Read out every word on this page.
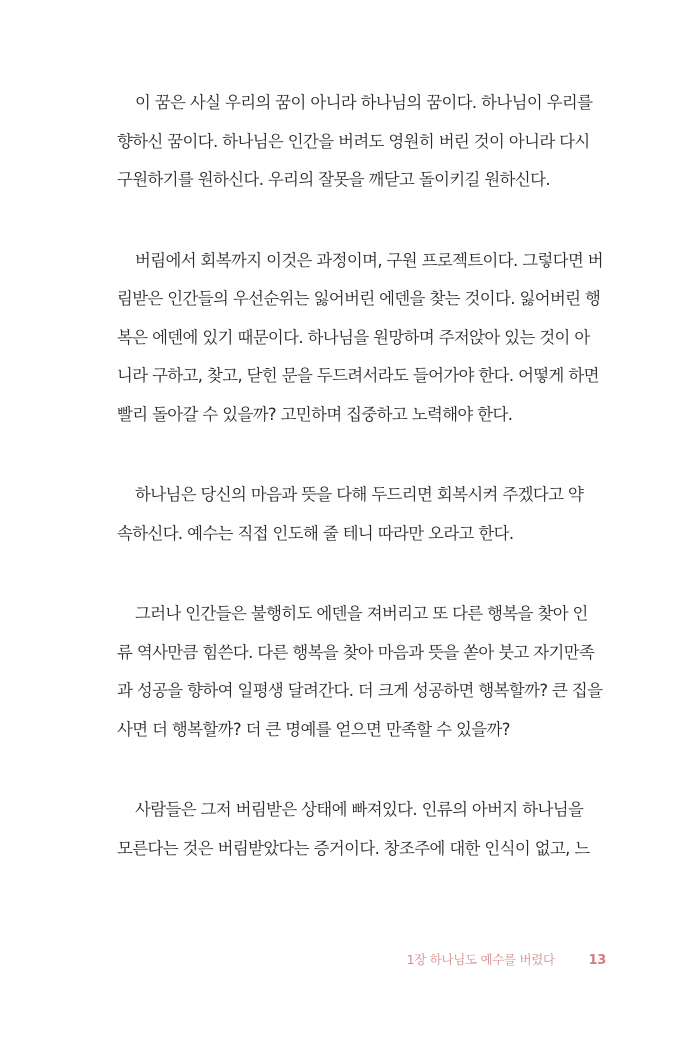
이 꿈은 사실 우리의 꿈이 아니라 하나님의 꿈이다. 하나님이 우리를
향하신 꿈이다. 하나님은 인간을 버려도 영원히 버린 것이 아니라 다시
구원하기를 원하신다. 우리의 잘못을 깨닫고 돌이키길 원하신다.

버림에서 회복까지 이것은 과정이며, 구원 프로젝트이다. 그렇다면 버
림받은 인간들의 우선순위는 잃어버린 에덴을 찾는 것이다. 잃어버린 행
복은 에덴에 있기 때문이다. 하나님을 원망하며 주저앉아 있는 것이 아
니라 구하고, 찾고, 닫힌 문을 두드려서라도 들어가야 한다. 어떻게 하면
빨리 돌아갈 수 있을까? 고민하며 집중하고 노력해야 한다.

하나님은 당신의 마음과 뜻을 다해 두드리면 회복시켜 주겠다고 약
속하신다. 예수는 직접 인도해 줄 테니 따라만 오라고 한다.

그러나 인간들은 불행히도 에덴을 져버리고 또 다른 행복을 찾아 인
류 역사만큼 힘쓴다. 다른 행복을 찾아 마음과 뜻을 쏟아 붓고 자기만족
과 성공을 향하여 일평생 달려간다. 더 크게 성공하면 행복할까? 큰 집을
사면 더 행복할까? 더 큰 명예를 얻으면 만족할 수 있을까?

사람들은 그저 버림받은 상태에 빠져있다. 인류의 아버지 하나님을
모른다는 것은 버림받았다는 증거이다. 창조주에 대한 인식이 없고, 느

1장 하나님도 예수를 버렸다	13
